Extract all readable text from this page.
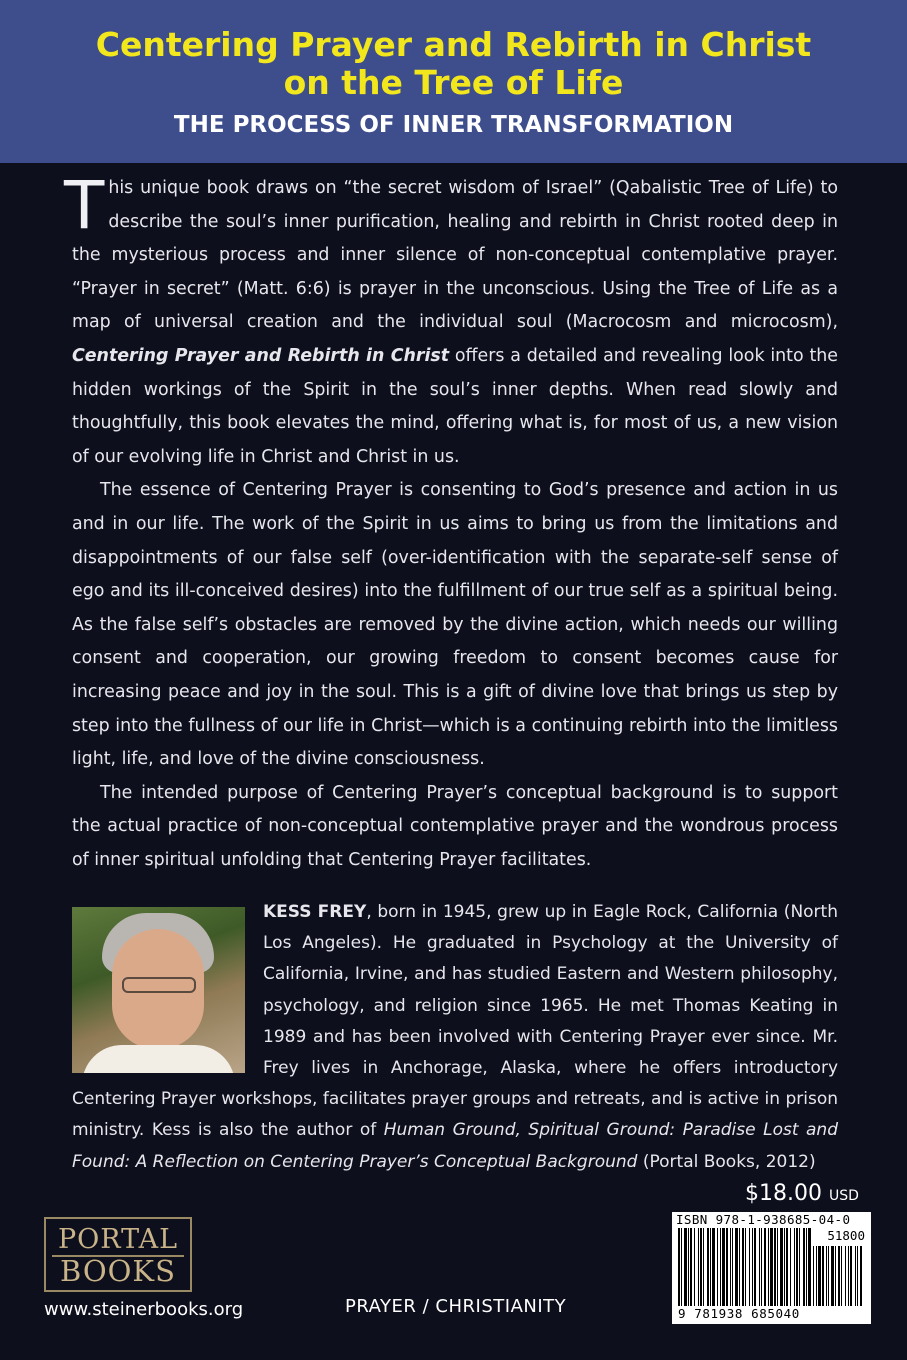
Centering Prayer and Rebirth in Christ
on the Tree of Life
THE PROCESS OF INNER TRANSFORMATION

This unique book draws on “the secret wisdom of Israel” (Qabalistic Tree of Life) to describe the soul’s inner purification, healing and rebirth in Christ rooted deep in the mysterious process and inner silence of non-conceptual contemplative prayer. “Prayer in secret” (Matt. 6:6) is prayer in the unconscious. Using the Tree of Life as a map of universal creation and the individual soul (Macrocosm and microcosm), Centering Prayer and Rebirth in Christ offers a detailed and revealing look into the hidden workings of the Spirit in the soul’s inner depths. When read slowly and thoughtfully, this book elevates the mind, offering what is, for most of us, a new vision of our evolving life in Christ and Christ in us.

The essence of Centering Prayer is consenting to God’s presence and action in us and in our life. The work of the Spirit in us aims to bring us from the limitations and disappointments of our false self (over-identification with the separate-self sense of ego and its ill-conceived desires) into the fulfillment of our true self as a spiritual being. As the false self’s obstacles are removed by the divine action, which needs our willing consent and cooperation, our growing freedom to consent becomes cause for increasing peace and joy in the soul. This is a gift of divine love that brings us step by step into the fullness of our life in Christ—which is a continuing rebirth into the limitless light, life, and love of the divine consciousness.

The intended purpose of Centering Prayer’s conceptual background is to support the actual practice of non-conceptual contemplative prayer and the wondrous process of inner spiritual unfolding that Centering Prayer facilitates.

KESS FREY, born in 1945, grew up in Eagle Rock, California (North Los Angeles). He graduated in Psychology at the University of California, Irvine, and has studied Eastern and Western philosophy, psychology, and religion since 1965. He met Thomas Keating in 1989 and has been involved with Centering Prayer ever since. Mr. Frey lives in Anchorage, Alaska, where he offers introductory Centering Prayer workshops, facilitates prayer groups and retreats, and is active in prison ministry. Kess is also the author of Human Ground, Spiritual Ground: Paradise Lost and Found: A Reflection on Centering Prayer’s Conceptual Background (Portal Books, 2012)
$18.00 USD
ISBN 978-1-938685-04-0
51800
9 781938 685040
PORTAL
BOOKS
www.steinerbooks.org	PRAYER / CHRISTIANITY
